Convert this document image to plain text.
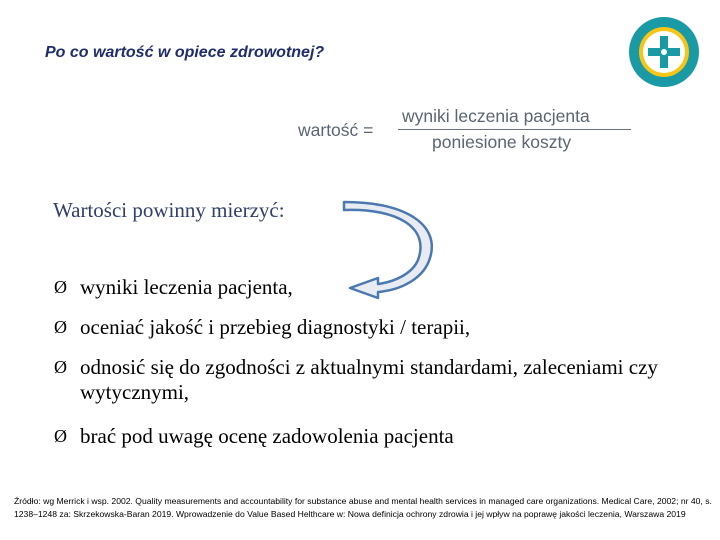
Po co wartość w opiece zdrowotnej?
wartość =
wyniki leczenia pacjenta
poniesione koszty
Wartości powinny mierzyć:
Ø wyniki leczenia pacjenta,
Ø oceniać jakość i przebieg diagnostyki / terapii,
Ø odnosić się do zgodności z aktualnymi standardami, zaleceniami czy wytycznymi,
Ø brać pod uwagę ocenę zadowolenia pacjenta
Źródło: wg Merrick i wsp. 2002. Quality measurements and accountability for substance abuse and mental health services in managed care organizations. Medical Care, 2002; nr 40, s. 1238–1248 za: Skrzekowska-Baran 2019. Wprowadzenie do Value Based Helthcare w: Nowa definicja ochrony zdrowia i jej wpływ na poprawę jakości leczenia, Warszawa 2019
